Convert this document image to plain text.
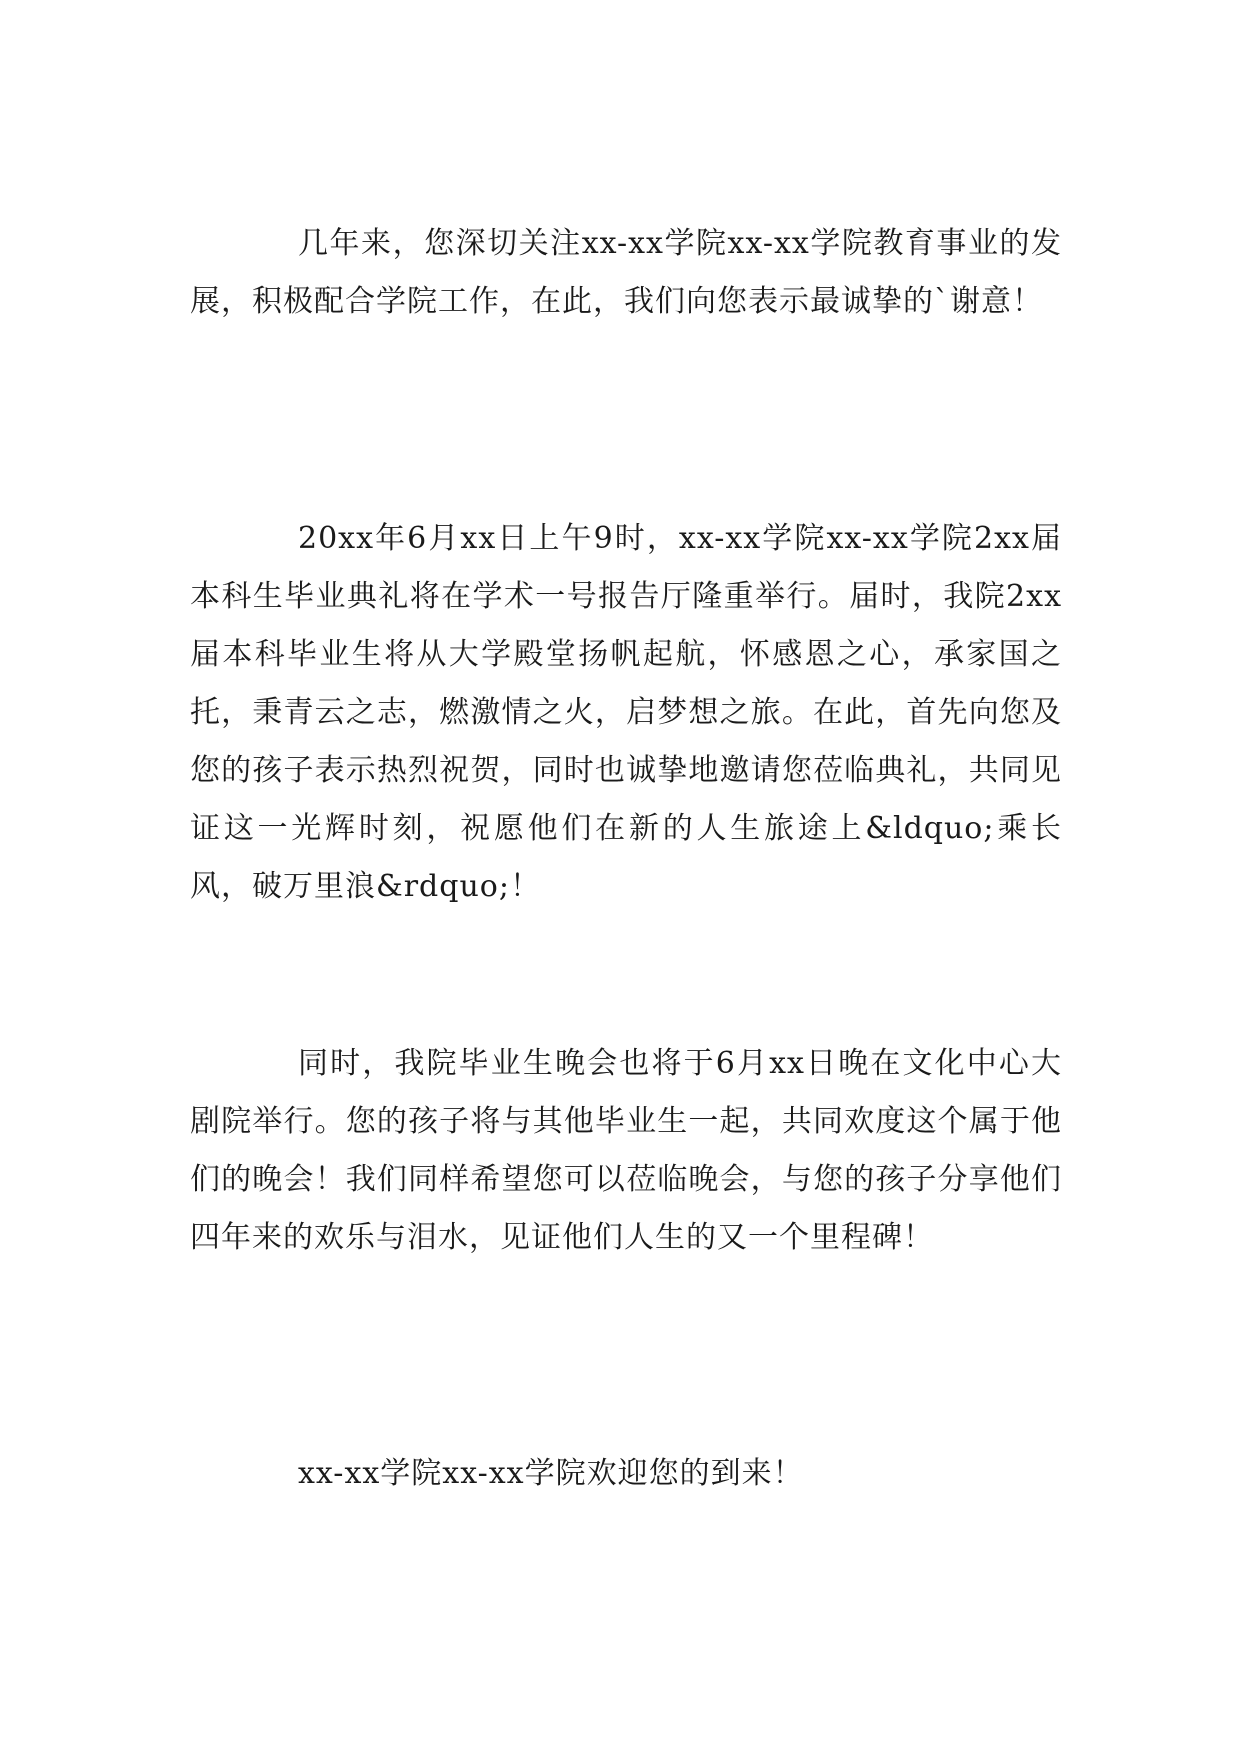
几年来，您深切关注xx-xx学院xx-xx学院教育事业的发展，积极配合学院工作，在此，我们向您表示最诚挚的`谢意！

20xx年6月xx日上午9时，xx-xx学院xx-xx学院2xx届本科生毕业典礼将在学术一号报告厅隆重举行。届时，我院2xx届本科毕业生将从大学殿堂扬帆起航，怀感恩之心，承家国之托，秉青云之志，燃激情之火，启梦想之旅。在此，首先向您及您的孩子表示热烈祝贺，同时也诚挚地邀请您莅临典礼，共同见证这一光辉时刻，祝愿他们在新的人生旅途上&ldquo;乘长风，破万里浪&rdquo;！

同时，我院毕业生晚会也将于6月xx日晚在文化中心大剧院举行。您的孩子将与其他毕业生一起，共同欢度这个属于他们的晚会！我们同样希望您可以莅临晚会，与您的孩子分享他们四年来的欢乐与泪水，见证他们人生的又一个里程碑！

xx-xx学院xx-xx学院欢迎您的到来！
